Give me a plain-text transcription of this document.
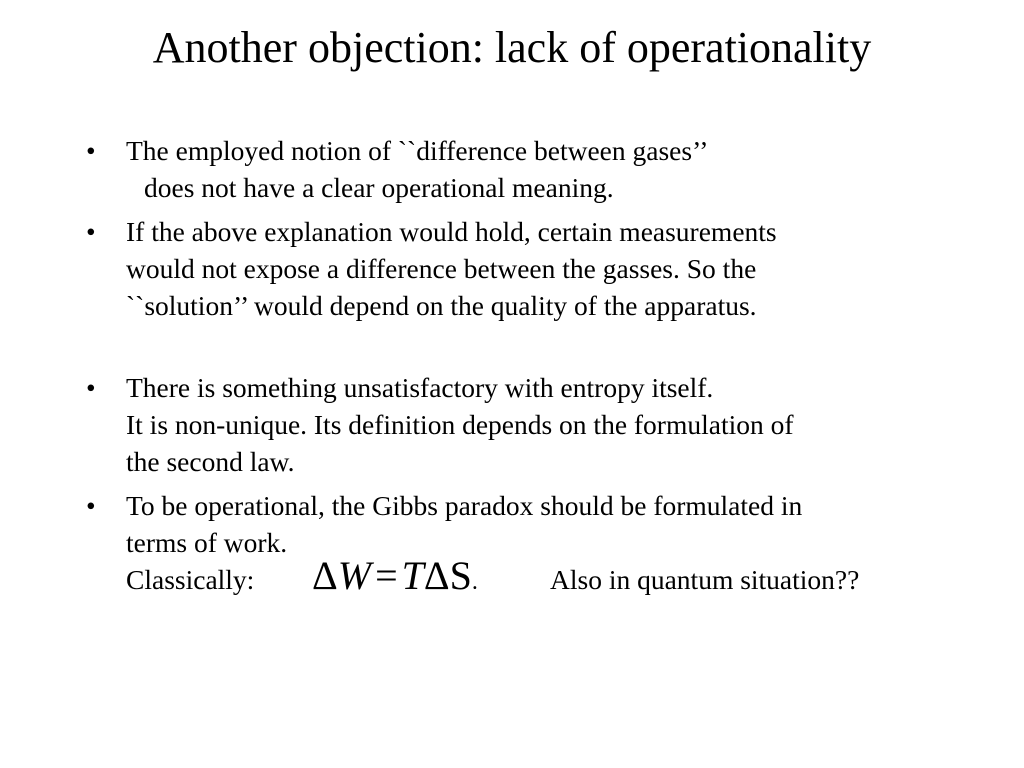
Another objection: lack of operationality
• The employed notion of ``difference between gases’’
does not have a clear operational meaning.
• If the above explanation would hold, certain measurements
would not expose a difference between the gasses. So the
``solution’’ would depend on the quality of the apparatus.
• There is something unsatisfactory with entropy itself.
It is non-unique. Its definition depends on the formulation of
the second law.
• To be operational, the Gibbs paradox should be formulated in
terms of work.
Classically: ΔW = TΔS.	Also in quantum situation??
